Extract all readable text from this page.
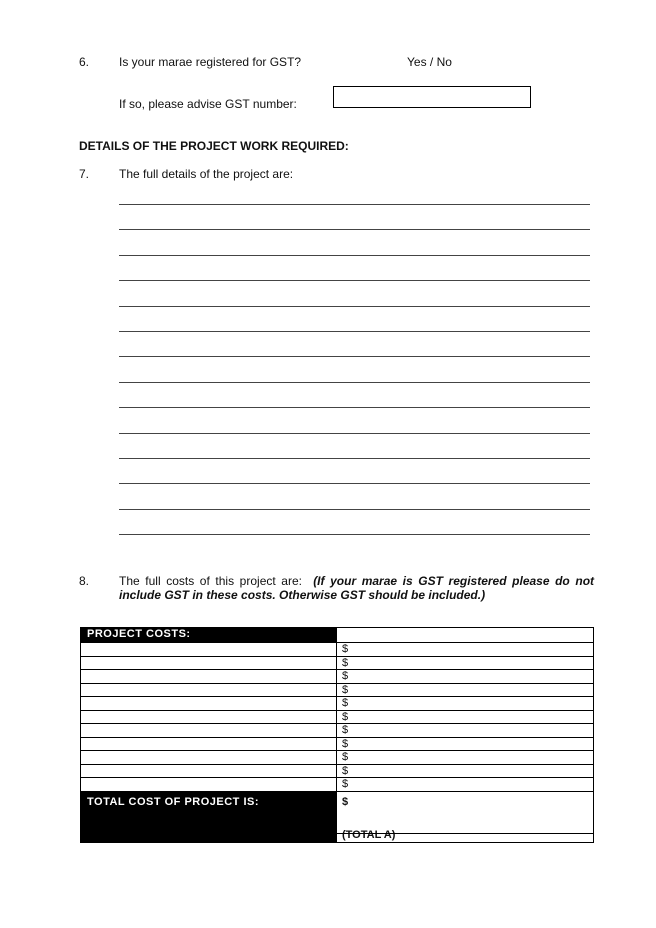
6. Is your marae registered for GST?	Yes / No
If so, please advise GST number:
DETAILS OF THE PROJECT WORK REQUIRED:
7. The full details of the project are:
8. The full costs of this project are: (If your marae is GST registered please do not include GST in these costs. Otherwise GST should be included.)
PROJECT COSTS:	
	$
	$
	$
	$
	$
	$
	$
	$
	$
	$
	$
TOTAL COST OF PROJECT IS:	$
(TOTAL A)
